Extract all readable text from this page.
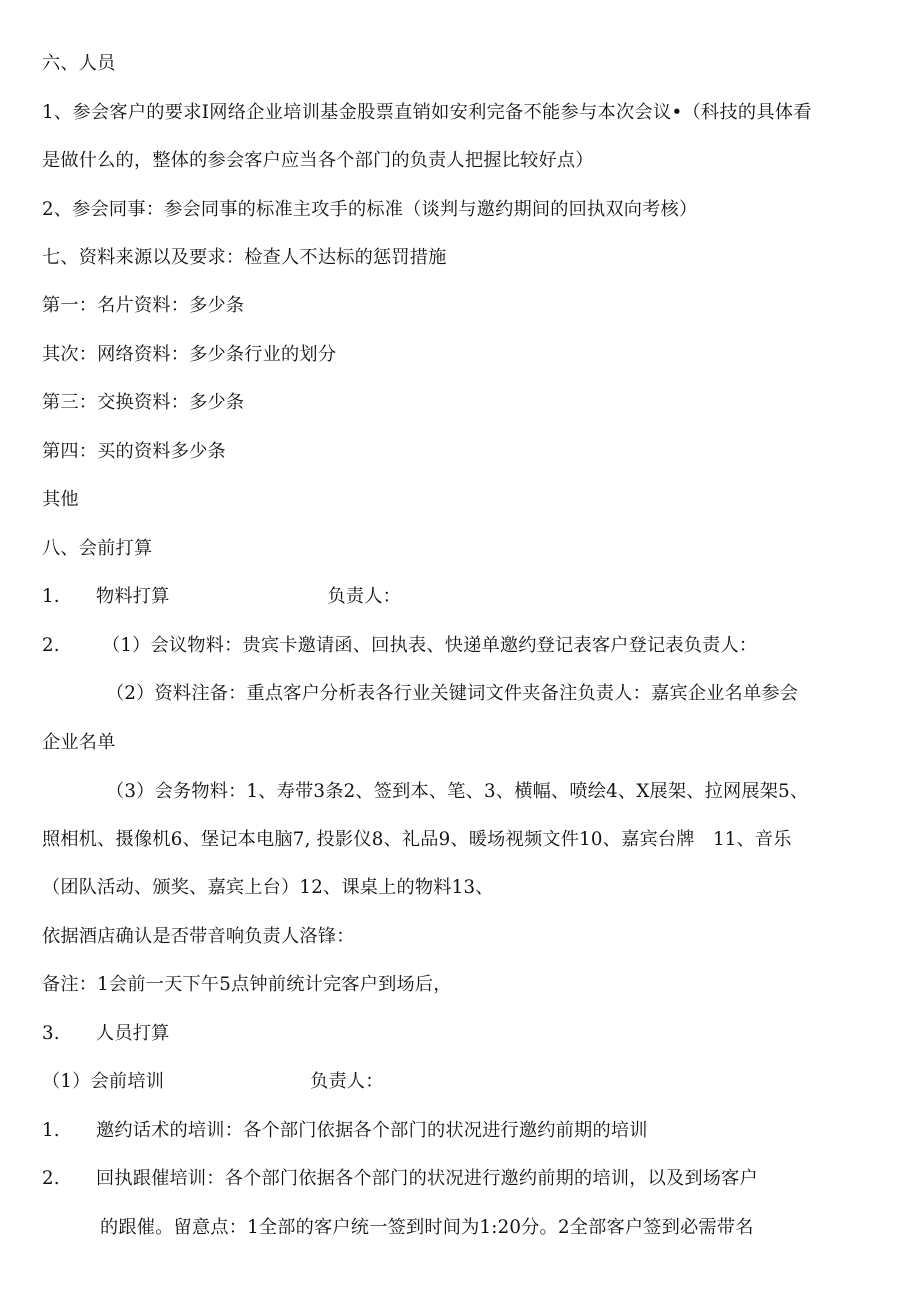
六、人员
1、参会客户的要求I网络企业培训基金股票直销如安利完备不能参与本次会议•（科技的具体看
是做什么的，整体的参会客户应当各个部门的负责人把握比较好点）
2、参会同事：参会同事的标准主攻手的标准（谈判与邀约期间的回执双向考核）
七、资料来源以及要求：检查人不达标的惩罚措施
第一：名片资料：多少条
其次：网络资料：多少条行业的划分
第三：交换资料：多少条
第四：买的资料多少条
其他
八、会前打算
1. 物料打算	负责人：
2. （1）会议物料：贵宾卡邀请函、回执表、快递单邀约登记表客户登记表负责人：
（2）资料注备：重点客户分析表各行业关键词文件夹备注负责人：嘉宾企业名单参会
企业名单
（3）会务物料：1、寿带3条2、签到本、笔、3、横幅、喷绘4、X展架、拉网展架5、
照相机、摄像机6、堡记本电脑7, 投影仪8、礼品9、暖场视频文件10、嘉宾台牌　11、音乐
（团队活动、颁奖、嘉宾上台）12、课桌上的物料13、
依据酒店确认是否带音响负责人洛锋：
备注：1会前一天下午5点钟前统计完客户到场后，
3. 人员打算
（1）会前培训	负责人：
1. 邀约话术的培训：各个部门依据各个部门的状况进行邀约前期的培训
2. 回执跟催培训：各个部门依据各个部门的状况进行邀约前期的培训，以及到场客户
的跟催。留意点：1全部的客户统一签到时间为1:20分。2全部客户签到必需带名
